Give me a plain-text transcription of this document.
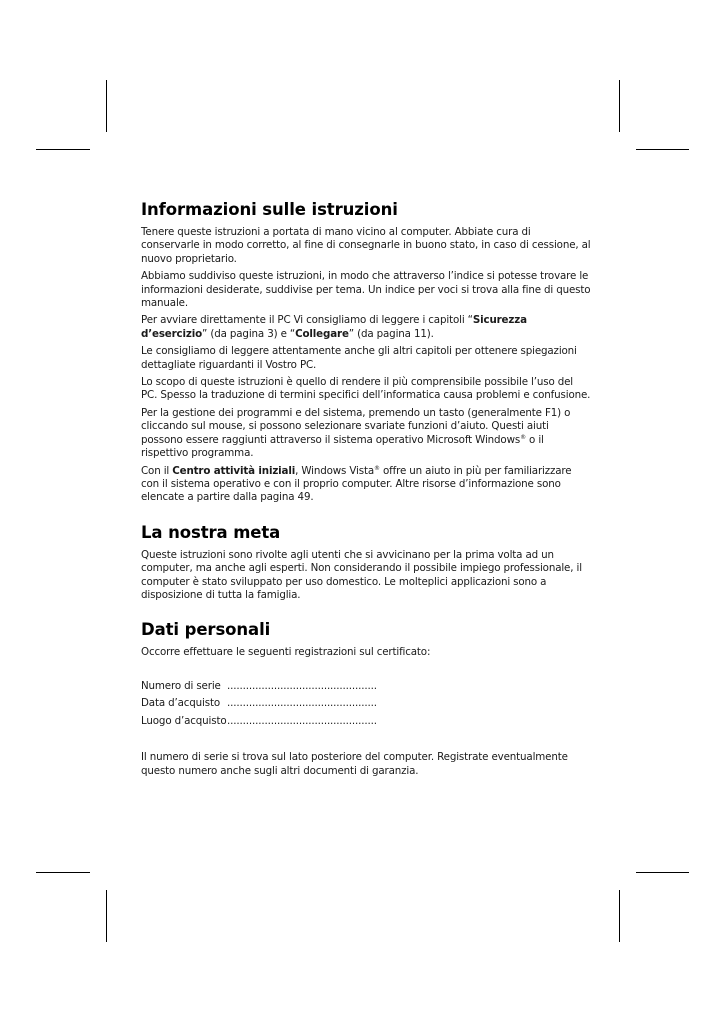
Informazioni sulle istruzioni

Tenere queste istruzioni a portata di mano vicino al computer. Abbiate cura di conservarle in modo corretto, al fine di consegnarle in buono stato, in caso di cessione, al nuovo proprietario.

Abbiamo suddiviso queste istruzioni, in modo che attraverso l’indice si potesse trovare le informazioni desiderate, suddivise per tema. Un indice per voci si trova alla fine di questo manuale.

Per avviare direttamente il PC Vi consigliamo di leggere i capitoli “Sicurezza d’esercizio” (da pagina 3) e “Collegare” (da pagina 11).

Le consigliamo di leggere attentamente anche gli altri capitoli per ottenere spiegazioni dettagliate riguardanti il Vostro PC.

Lo scopo di queste istruzioni è quello di rendere il più comprensibile possibile l’uso del PC. Spesso la traduzione di termini specifici dell’informatica causa problemi e confusione.

Per la gestione dei programmi e del sistema, premendo un tasto (generalmente F1) o cliccando sul mouse, si possono selezionare svariate funzioni d’aiuto. Questi aiuti possono essere raggiunti attraverso il sistema operativo Microsoft Windows® o il rispettivo programma.

Con il Centro attività iniziali, Windows Vista® offre un aiuto in più per familiarizzare con il sistema operativo e con il proprio computer. Altre risorse d’informazione sono elencate a partire dalla pagina 49.

La nostra meta

Queste istruzioni sono rivolte agli utenti che si avvicinano per la prima volta ad un computer, ma anche agli esperti. Non considerando il possibile impiego professionale, il computer è stato sviluppato per uso domestico. Le molteplici applicazioni sono a disposizione di tutta la famiglia.

Dati personali

Occorre effettuare le seguenti registrazioni sul certificato:

Numero di serie	................................................
Data d’acquisto	................................................
Luogo d’acquisto	................................................

Il numero di serie si trova sul lato posteriore del computer. Registrate eventualmente questo numero anche sugli altri documenti di garanzia.
